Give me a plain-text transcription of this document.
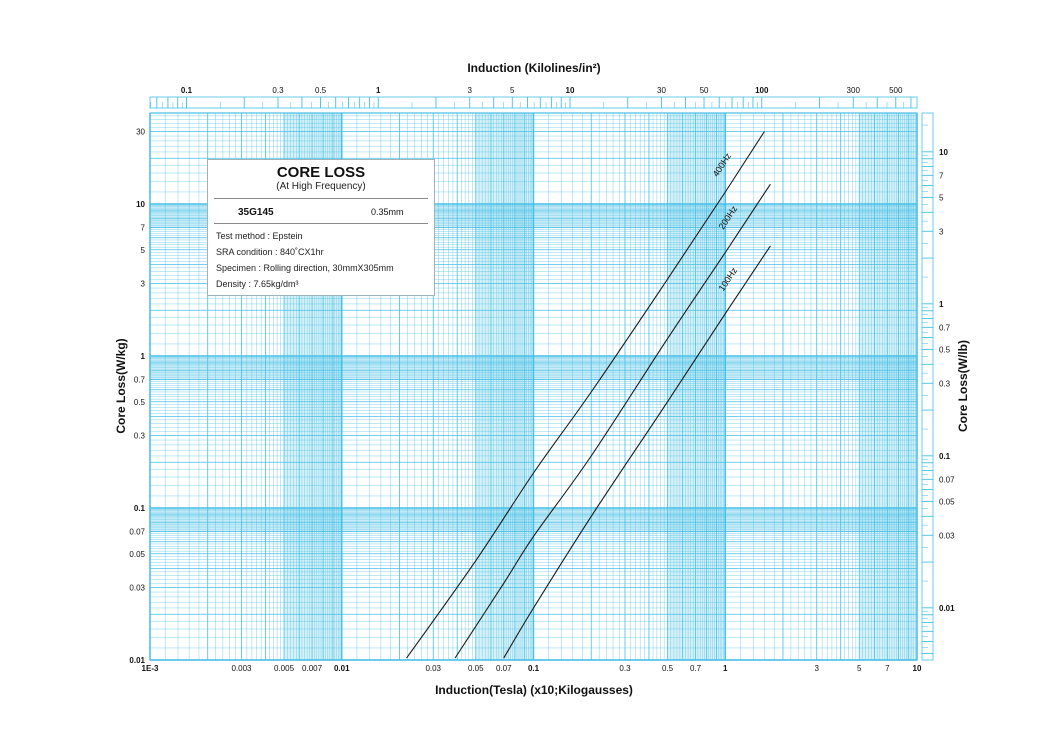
1E-3	0.003	0.005 0.007 0.01	0.03	0.05 0.07 0.1	0.3	0.5 0.7	1	3	5	7	10
0.01
0.03
0.05
0.07
0.1
0.3
0.5
0.7
1
3
5
7
10
30
0.1	0.3	0.5	1	3	5	10	30	50	100	300	500
0.01
0.03
0.05
0.07
0.1
0.3
0.5
0.7
1
3
5
7
10
400Hz
200Hz
100Hz
Induction (Kilolines/in²)
Induction(Tesla) (x10;Kilogausses)
Core Loss(W/kg)	Core Loss(W/lb)
CORE LOSS
(At High Frequency)
35G145	0.35mm
Test method : Epstein
SRA condition : 840˚CX1hr
Specimen : Rolling direction, 30mmX305mm
Density : 7.65kg/dm³
